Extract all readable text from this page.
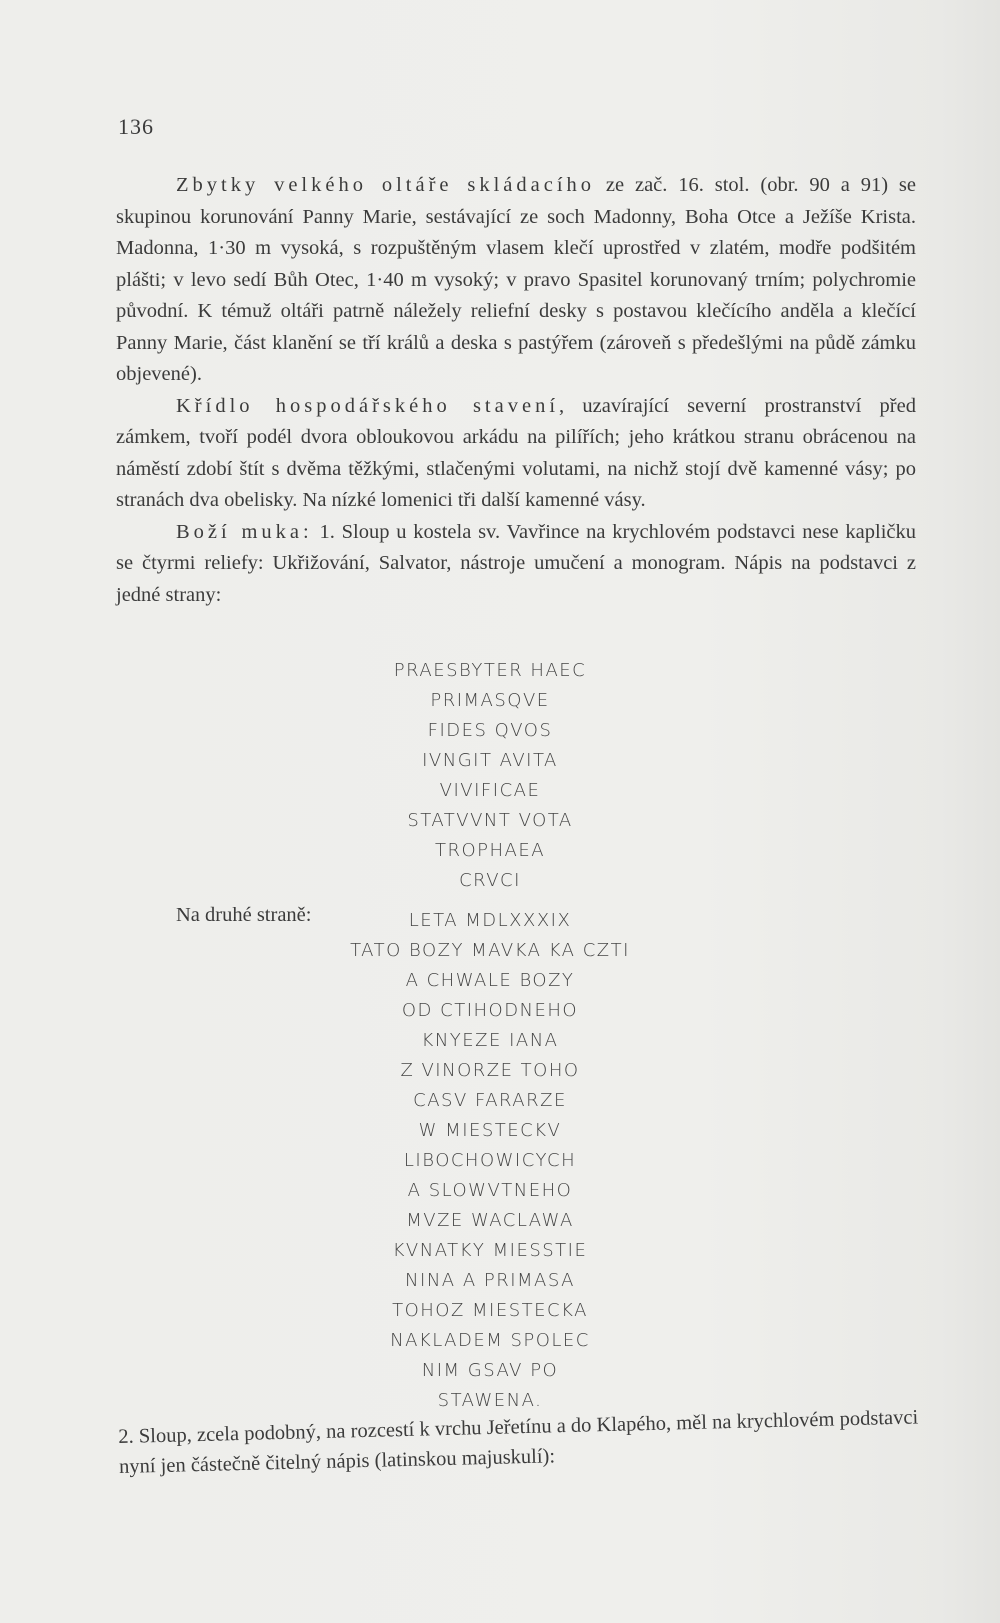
136

Zbytky velkého oltáře skládacího ze zač. 16. stol. (obr. 90 a 91) se skupinou korunování Panny Marie, sestávající ze soch Madonny, Boha Otce a Ježíše Krista. Madonna, 1·30 m vysoká, s rozpuštěným vlasem klečí uprostřed v zlatém, modře podšitém plášti; v levo sedí Bůh Otec, 1·40 m vysoký; v pravo Spasitel korunovaný trním; polychromie původní. K témuž oltáři patrně náležely reliefní desky s postavou klečícího anděla a klečící Panny Marie, část klanění se tří králů a deska s pastýřem (zároveň s předešlými na půdě zámku objevené).

Křídlo hospodářského stavení, uzavírající severní prostranství před zámkem, tvoří podél dvora obloukovou arkádu na pilířích; jeho krátkou stranu obrácenou na náměstí zdobí štít s dvěma těžkými, stlačenými volutami, na nichž stojí dvě kamenné vásy; po stranách dva obelisky. Na nízké lomenici tři další kamenné vásy.

Boží muka: 1. Sloup u kostela sv. Vavřince na krychlovém podstavci nese kapličku se čtyrmi reliefy: Ukřižování, Salvator, nástroje umučení a monogram. Nápis na podstavci z jedné strany:

PRAESBYTER HAEC
PRIMASQVE
FIDES QVOS
IVNGIT AVITA
VIVIFICAE
STATVVNT VOTA
TROPHAEA
CRVCI
Na druhé straně:	LETA MDLXXXIX
TATO BOZY MAVKA KA CZTI
A CHWALE BOZY
OD CTIHODNEHO
KNYEZE IANA
Z VINORZE TOHO
CASV FARARZE
W MIESTECKV
LIBOCHOWICYCH
A SLOWVTNEHO
MVZE WACLAWA
KVNATKY MIESSTIE
NINA A PRIMASA
TOHOZ MIESTECKA
NAKLADEM SPOLEC
NIM GSAV PO
STAWENA.

2. Sloup, zcela podobný, na rozcestí k vrchu Jeřetínu a do Klapého, měl na krychlovém podstavci nyní jen částečně čitelný nápis (latinskou majuskulí):
